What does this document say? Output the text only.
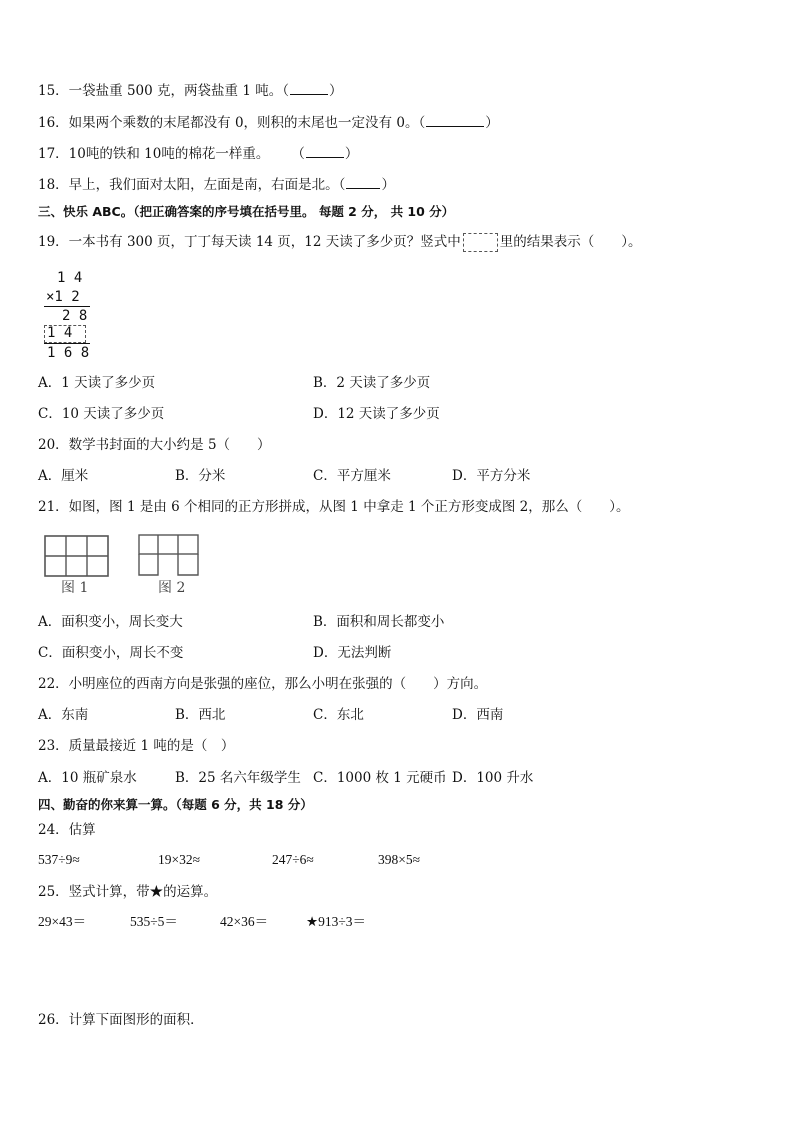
15．一袋盐重 500 克，两袋盐重 1 吨。（	）
16．如果两个乘数的末尾都没有 0，则积的末尾也一定没有 0。（	）
17．10吨的铁和 10吨的棉花一样重。 （	）
18．早上，我们面对太阳，左面是南，右面是北。（	）
三、快乐 ABC。（把正确答案的序号填在括号里。 每题 2 分， 共 10 分）
19．一本书有 300 页，丁丁每天读 14 页，12 天读了多少页？竖式中	里的结果表示（　　）。
1 4
×1 2
2 8
1 4
1 6 8
A．1 天读了多少页	B．2 天读了多少页
C．10 天读了多少页	D．12 天读了多少页
20．数学书封面的大小约是 5（　　）
A．厘米	B．分米	C．平方厘米	D．平方分米
21．如图，图 1 是由 6 个相同的正方形拼成，从图 1 中拿走 1 个正方形变成图 2，那么（　　）。
图 1	图 2
A．面积变小，周长变大	B．面积和周长都变小
C．面积变小，周长不变	D．无法判断
22．小明座位的西南方向是张强的座位，那么小明在张强的（　　）方向。
A．东南	B．西北	C．东北	D．西南
23．质量最接近 1 吨的是（　）
A．10 瓶矿泉水	B．25 名六年级学生 C．1000 枚 1 元硬币 D．100 升水
四、勤奋的你来算一算。（每题 6 分，共 18 分）
24．估算
537÷9≈	19×32≈	247÷6≈	398×5≈
25．竖式计算，带★的运算。
29×43＝	535÷5＝	42×36＝	★913÷3＝
26．计算下面图形的面积．
